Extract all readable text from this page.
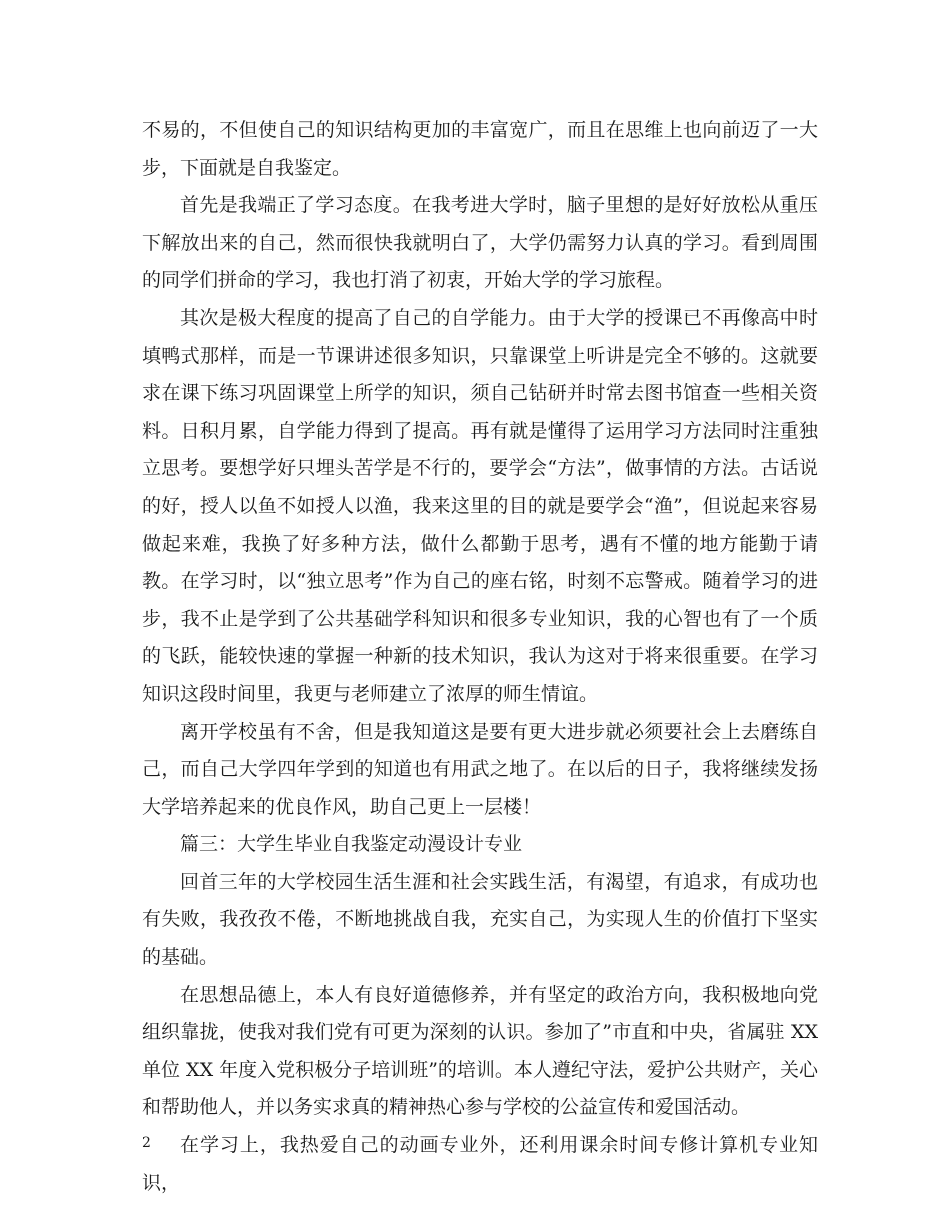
不易的，不但使自己的知识结构更加的丰富宽广，而且在思维上也向前迈了一大步，下面就是自我鉴定。

首先是我端正了学习态度。在我考进大学时，脑子里想的是好好放松从重压下解放出来的自己，然而很快我就明白了，大学仍需努力认真的学习。看到周围的同学们拼命的学习，我也打消了初衷，开始大学的学习旅程。

其次是极大程度的提高了自己的自学能力。由于大学的授课已不再像高中时填鸭式那样，而是一节课讲述很多知识，只靠课堂上听讲是完全不够的。这就要求在课下练习巩固课堂上所学的知识，须自己钻研并时常去图书馆查一些相关资料。日积月累，自学能力得到了提高。再有就是懂得了运用学习方法同时注重独立思考。要想学好只埋头苦学是不行的，要学会“方法”，做事情的方法。古话说的好，授人以鱼不如授人以渔，我来这里的目的就是要学会“渔”，但说起来容易做起来难，我换了好多种方法，做什么都勤于思考，遇有不懂的地方能勤于请教。在学习时，以“独立思考”作为自己的座右铭，时刻不忘警戒。随着学习的进步，我不止是学到了公共基础学科知识和很多专业知识，我的心智也有了一个质的飞跃，能较快速的掌握一种新的技术知识，我认为这对于将来很重要。在学习知识这段时间里，我更与老师建立了浓厚的师生情谊。

离开学校虽有不舍，但是我知道这是要有更大进步就必须要社会上去磨练自己，而自己大学四年学到的知道也有用武之地了。在以后的日子，我将继续发扬大学培养起来的优良作风，助自己更上一层楼！

篇三：大学生毕业自我鉴定动漫设计专业

回首三年的大学校园生活生涯和社会实践生活，有渴望，有追求，有成功也有失败，我孜孜不倦，不断地挑战自我，充实自己，为实现人生的价值打下坚实的基础。

在思想品德上，本人有良好道德修养，并有坚定的政治方向，我积极地向党组织靠拢，使我对我们党有可更为深刻的认识。参加了”市直和中央，省属驻 XX 单位 XX 年度入党积极分子培训班”的培训。本人遵纪守法，爱护公共财产，关心和帮助他人，并以务实求真的精神热心参与学校的公益宣传和爱国活动。

在学习上，我热爱自己的动画专业外，还利用课余时间专修计算机专业知识，

2
